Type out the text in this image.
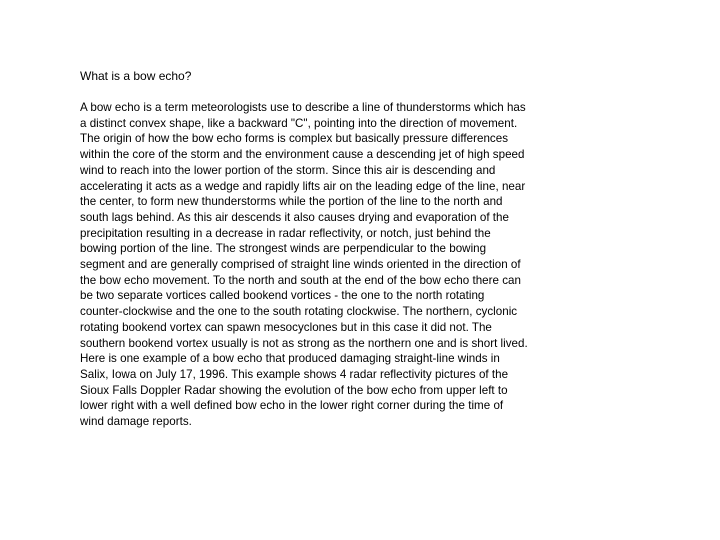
What is a bow echo?

A bow echo is a term meteorologists use to describe a line of thunderstorms which has a distinct convex shape, like a backward "C", pointing into the direction of movement. The origin of how the bow echo forms is complex but basically pressure differences within the core of the storm and the environment cause a descending jet of high speed wind to reach into the lower portion of the storm. Since this air is descending and accelerating it acts as a wedge and rapidly lifts air on the leading edge of the line, near the center, to form new thunderstorms while the portion of the line to the north and south lags behind. As this air descends it also causes drying and evaporation of the precipitation resulting in a decrease in radar reflectivity, or notch, just behind the bowing portion of the line. The strongest winds are perpendicular to the bowing segment and are generally comprised of straight line winds oriented in the direction of the bow echo movement. To the north and south at the end of the bow echo there can be two separate vortices called bookend vortices - the one to the north rotating counter-clockwise and the one to the south rotating clockwise. The northern, cyclonic rotating bookend vortex can spawn mesocyclones but in this case it did not. The southern bookend vortex usually is not as strong as the northern one and is short lived. Here is one example of a bow echo that produced damaging straight-line winds in Salix, Iowa on July 17, 1996. This example shows 4 radar reflectivity pictures of the Sioux Falls Doppler Radar showing the evolution of the bow echo from upper left to lower right with a well defined bow echo in the lower right corner during the time of wind damage reports.
